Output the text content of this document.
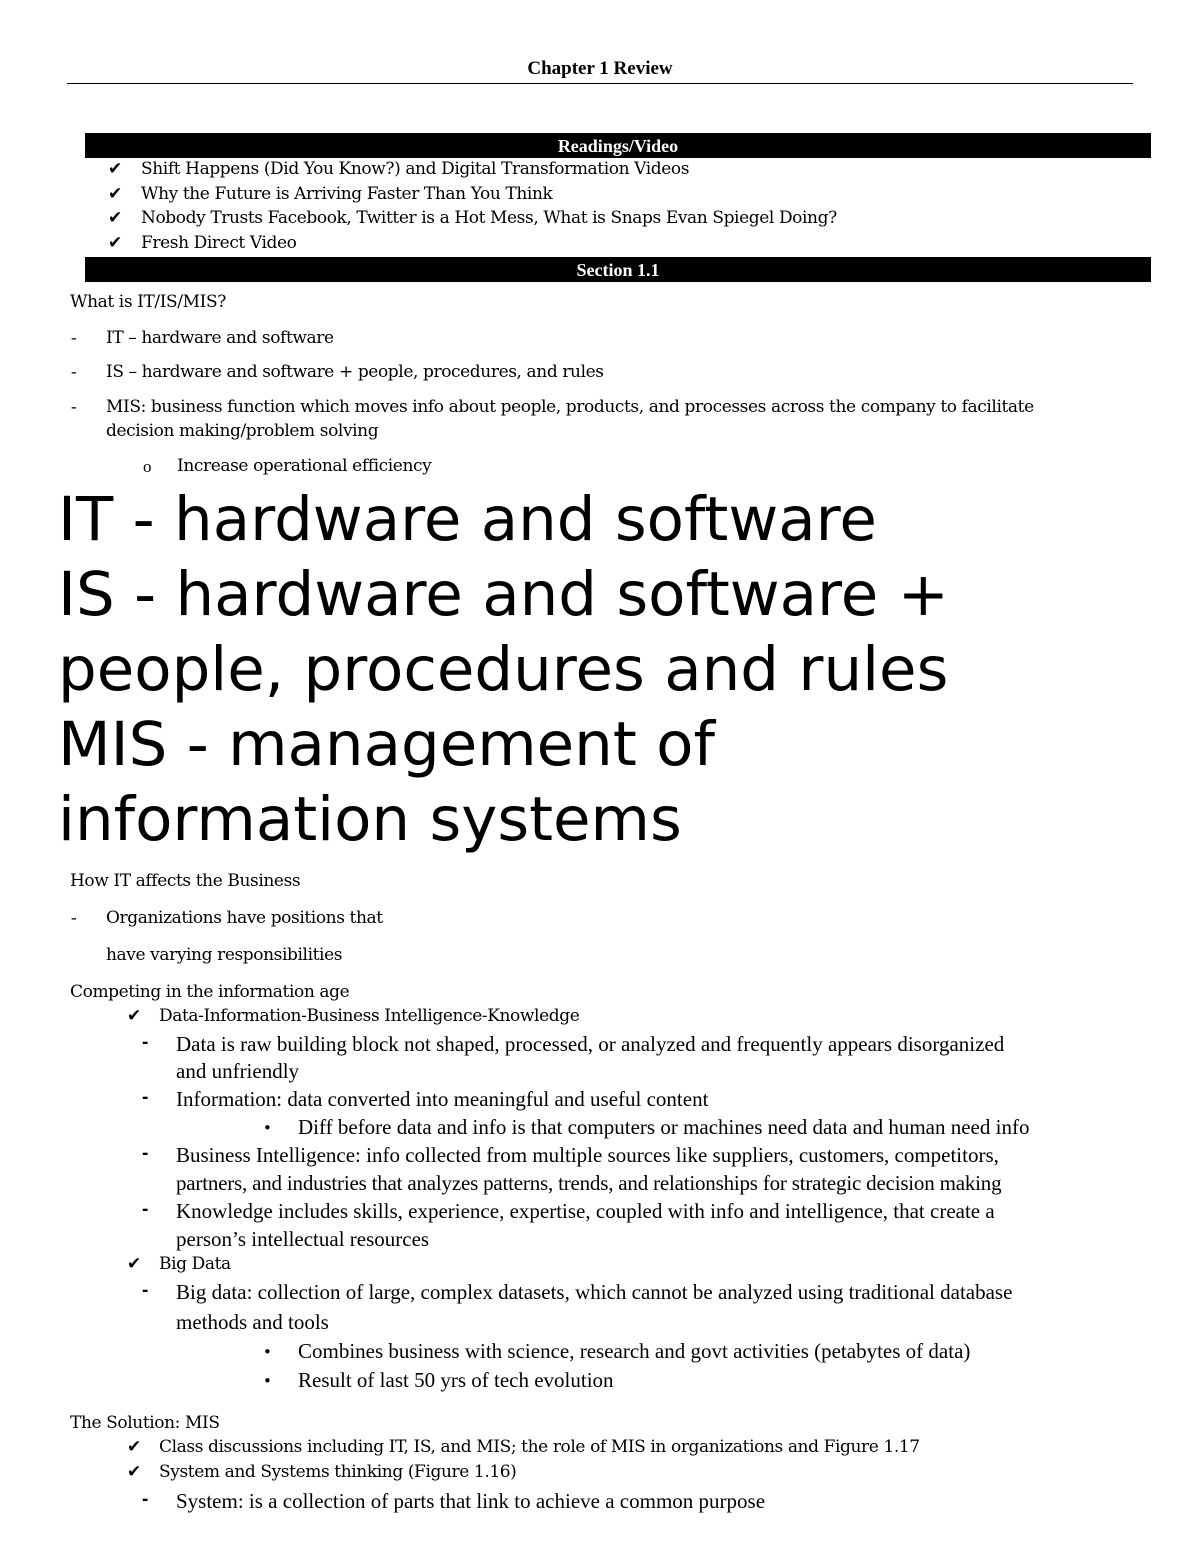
Chapter 1 Review
Readings/Video
✔ Shift Happens (Did You Know?) and Digital Transformation Videos
✔ Why the Future is Arriving Faster Than You Think
✔ Nobody Trusts Facebook, Twitter is a Hot Mess, What is Snaps Evan Spiegel Doing?
✔ Fresh Direct Video
Section 1.1
What is IT/IS/MIS?
- IT – hardware and software
- IS – hardware and software + people, procedures, and rules
- MIS: business function which moves info about people, products, and processes across the company to facilitate
decision making/problem solving
o Increase operational efficiency
IT - hardware and software
IS - hardware and software +
people, procedures and rules
MIS - management of
information systems
How IT affects the Business
- Organizations have positions that
have varying responsibilities
Competing in the information age
✔ Data-Information-Business Intelligence-Knowledge
- Data is raw building block not shaped, processed, or analyzed and frequently appears disorganized
and unfriendly
- Information: data converted into meaningful and useful content
• Diff before data and info is that computers or machines need data and human need info
- Business Intelligence: info collected from multiple sources like suppliers, customers, competitors,
partners, and industries that analyzes patterns, trends, and relationships for strategic decision making
- Knowledge includes skills, experience, expertise, coupled with info and intelligence, that create a
person’s intellectual resources
✔ Big Data
- Big data: collection of large, complex datasets, which cannot be analyzed using traditional database
methods and tools
• Combines business with science, research and govt activities (petabytes of data)
• Result of last 50 yrs of tech evolution
The Solution: MIS
✔ Class discussions including IT, IS, and MIS; the role of MIS in organizations and Figure 1.17
✔ System and Systems thinking (Figure 1.16)
- System: is a collection of parts that link to achieve a common purpose
